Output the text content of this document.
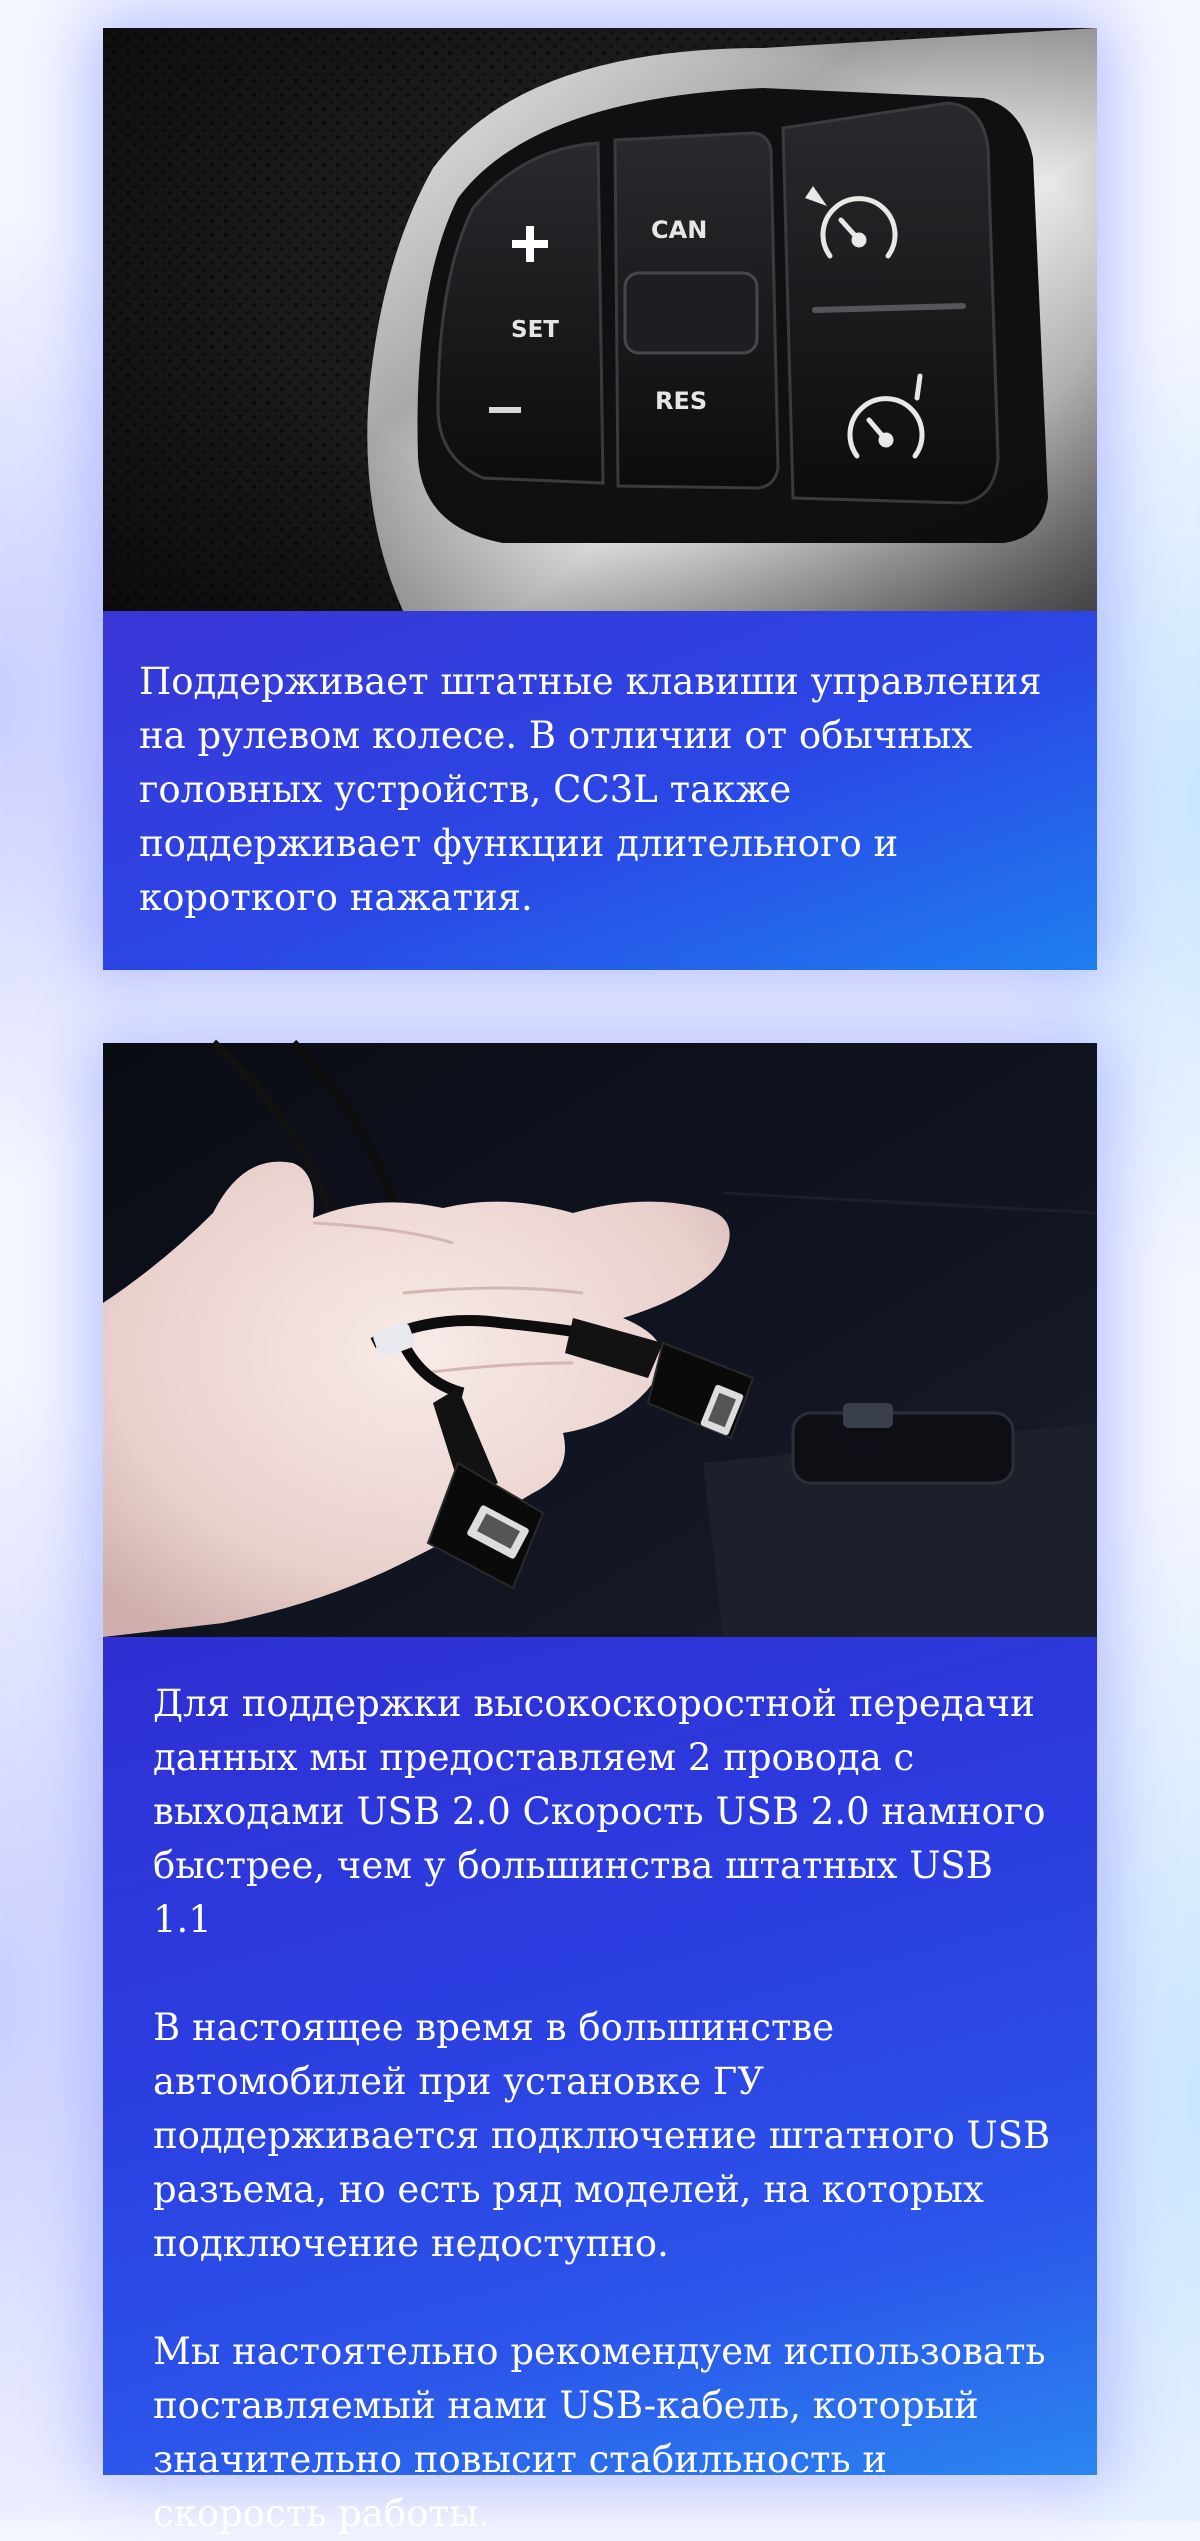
Поддерживает штатные клавиши управления на рулевом колесе. В отличии от обычных головных устройств, CC3L также поддерживает функции длительного и короткого нажатия.

Для поддержки высокоскоростной передачи данных мы предоставляем 2 провода с выходами USB 2.0 Скорость USB 2.0 намного быстрее, чем у большинства штатных USB 1.1

В настоящее время в большинстве автомобилей при установке ГУ поддерживается подключение штатного USB разъема, но есть ряд моделей, на которых подключение недоступно.

Мы настоятельно рекомендуем использовать поставляемый нами USB-кабель, который значительно повысит стабильность и скорость работы.
